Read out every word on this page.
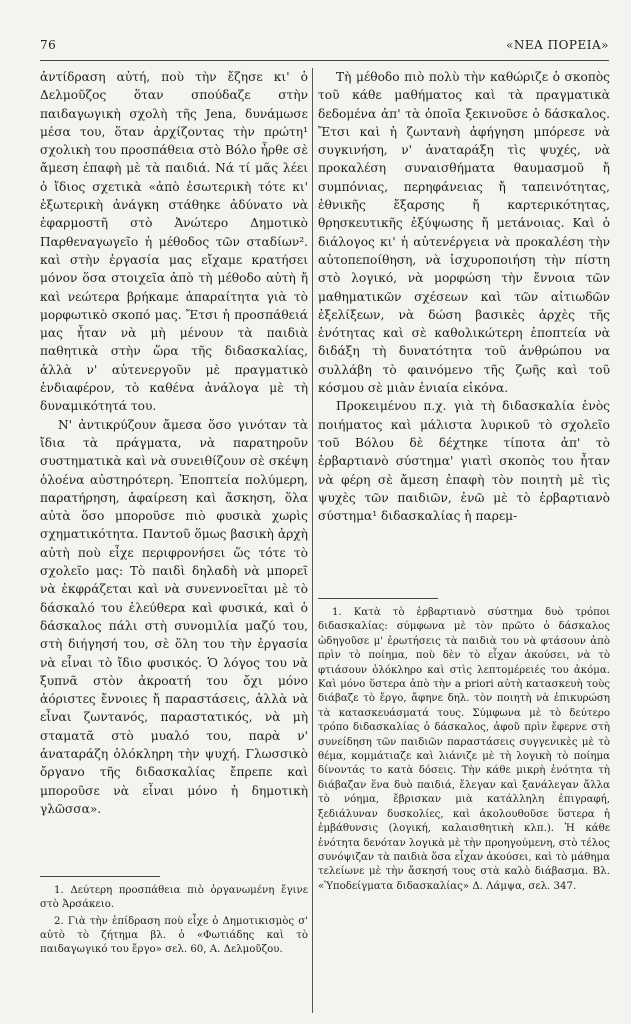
76	«ΝΕΑ ΠΟΡΕΙΑ»

ἀντίδραση αὐτή, ποὺ τὴν ἔζησε κι' ὁ Δελμοῦζος ὅταν σπούδαζε στὴν παιδαγωγικὴ σχολὴ τῆς Jena, δυνάμωσε μέσα του, ὅταν ἀρχίζοντας τὴν πρώτη¹ σχολικὴ του προσπάθεια στὸ Βόλο ἦρθε σὲ ἄμεση ἐπαφὴ μὲ τὰ παιδιά. Νά τί μᾶς λέει ὁ ἴδιος σχετικὰ «ἀπὸ ἐσωτερικὴ τότε κι' ἐξωτερικὴ ἀνάγκη στάθηκε ἀδύνατο νὰ ἐφαρμοστῆ στὸ Ἀνώτερο Δημοτικὸ Παρθεναγωγεῖο ἡ μέθοδος τῶν σταδίων². καὶ στὴν ἐργασία μας εἴχαμε κρατήσει μόνον ὅσα στοιχεῖα ἀπὸ τὴ μέθοδο αὐτὴ ἤ καὶ νεώτερα βρήκαμε ἀπαραίτητα γιὰ τὸ μορφωτικὸ σκοπό μας. Ἔτσι ἡ προσπάθειά μας ἦταν νὰ μὴ μένουν τὰ παιδιὰ παθητικὰ στὴν ὥρα τῆς διδασκαλίας, ἀλλὰ ν' αὐτενεργοῦν μὲ πραγματικὸ ἐνδιαφέρον, τὸ καθένα ἀνάλογα μὲ τὴ δυναμικότητά του.

Ν' ἀντικρύζουν ἄμεσα ὅσο γινόταν τὰ ἴδια τὰ πράγματα, νὰ παρατηροῦν συστηματικὰ καὶ νὰ συνειθίζουν σὲ σκέψη ὁλοένα αὐστηρότερη. Ἐποπτεία πολύμερη, παρατήρηση, ἀφαίρεση καὶ ἄσκηση, ὅλα αὐτὰ ὅσο μποροῦσε πιὸ φυσικὰ χωρὶς σχηματικότητα. Παντοῦ ὅμως βασικὴ ἀρχὴ αὐτὴ ποὺ εἶχε περιφρονήσει ὥς τότε τὸ σχολεῖο μας: Τὸ παιδὶ δηλαδὴ νὰ μπορεῖ νὰ ἐκφράζεται καὶ νὰ συνεννοεῖται μὲ τὸ δάσκαλό του ἐλεύθερα καὶ φυσικά, καὶ ὁ δάσκαλος πάλι στὴ συνομιλία μαζύ του, στὴ διήγησή του, σὲ ὅλη του τὴν ἐργασία νὰ εἶναι τὸ ἴδιο φυσικός. Ὁ λόγος του νὰ ξυπνᾶ στὸν ἀκροατή του ὄχι μόνο ἀόριστες ἔννοιες ἤ παραστάσεις, ἀλλὰ νὰ εἶναι ζωντανός, παραστατικός, νὰ μὴ σταματᾶ στὸ μυαλό του, παρὰ ν' ἀναταράζη ὁλόκληρη τὴν ψυχή. Γλωσσικὸ ὄργανο τῆς διδασκαλίας ἔπρεπε καὶ μποροῦσε νὰ εἶναι μόνο ἡ δημοτικὴ γλῶσσα».

Τὴ μέθοδο πιὸ πολὺ τὴν καθώριζε ὁ σκοπὸς τοῦ κάθε μαθήματος καὶ τὰ πραγματικὰ δεδομένα ἀπ' τὰ ὁποῖα ξεκινοῦσε ὁ δάσκαλος. Ἔτσι καὶ ἡ ζωντανὴ ἀφήγηση μπόρεσε νὰ συγκινήση, ν' ἀναταράξη τὶς ψυχές, νὰ προκαλέση συναισθήματα θαυμασμοῦ ἤ συμπόνιας, περηφάνειας ἤ ταπεινότητας, ἐθνικῆς ἔξαρσης ἤ καρτερικότητας, θρησκευτικῆς ἐξύψωσης ἤ μετάνοιας. Καὶ ὁ διάλογος κι' ἡ αὐτενέργεια νὰ προκαλέση τὴν αὐτοπεποίθηση, νὰ ἰσχυροποιήση τὴν πίστη στὸ λογικό, νὰ μορφώση τὴν ἔννοια τῶν μαθηματικῶν σχέσεων καὶ τῶν αἰτιωδῶν ἐξελίξεων, νὰ δώση βασικὲς ἀρχὲς τῆς ἑνότητας καὶ σὲ καθολικώτερη ἐποπτεία νὰ διδάξη τὴ δυνατότητα τοῦ ἀνθρώπου να συλλάβη τὸ φαινόμενο τῆς ζωῆς καὶ τοῦ κόσμου σὲ μιὰν ἑνιαία εἰκόνα.

Προκειμένου π.χ. γιὰ τὴ διδασκαλία ἑνὸς ποιήματος καὶ μάλιστα λυρικοῦ τὸ σχολεῖο τοῦ Βόλου δὲ δέχτηκε τίποτα ἀπ' τὸ ἑρβαρτιανὸ σύστημα' γιατὶ σκοπὸς του ἦταν νὰ φέρη σὲ ἄμεση ἐπαφὴ τὸν ποιητὴ μὲ τὶς ψυχὲς τῶν παιδιῶν, ἐνῶ μὲ τὸ ἑρβαρτιανὸ σύστημα¹ διδασκαλίας ἡ παρεμ-

1. Κατὰ τὸ ἑρβαρτιανὸ σύστημα δυὸ τρόποι διδασκαλίας: σύμφωνα μὲ τὸν πρῶτο ὁ δάσκαλος ὡδηγοῦσε μ' ἐρωτήσεις τὰ παιδιὰ του νὰ φτάσουν ἀπὸ πρὶν τὸ ποίημα, ποὺ δὲν τὸ εἶχαν ἀκούσει, νὰ τὸ φτιάσουν ὁλόκληρο καὶ στὶς λεπτομέρειές του ἀκόμα. Καὶ μόνο ὕστερα ἀπὸ τὴν a priori αὐτὴ κατασκευὴ τοὺς διάβαζε τὸ ἔργο, ἄφηνε δηλ. τὸν ποιητὴ νὰ ἐπικυρώση τὰ κατασκευάσματά τους. Σύμφωνα μὲ τὸ δεύτερο τρόπο διδασκαλίας ὁ δάσκαλος, ἀφοῦ πρὶν ἔφερνε στὴ συνείδηση τῶν παιδιῶν παραστάσεις συγγενικὲς μὲ τὸ θέμα, κομμάτιαζε καὶ λιάνιζε μὲ τὴ λογικὴ τὸ ποίημα δίνοντάς το κατὰ δόσεις. Τὴν κάθε μικρὴ ἑνότητα τὴ διάβαζαν ἕνα δυὸ παιδιά, ἔλεγαν καὶ ξανάλεγαν ἄλλα τὸ νόημα, ἔβρισκαν μιὰ κατάλληλη ἐπιγραφή, ξεδιάλυναν δυσκολίες, καὶ ἀκολουθοῦσε ὕστερα ἡ ἐμβάθυνσις (λογική, καλαισθητικὴ κλπ.). Ἡ κάθε ἑνότητα δενόταν λογικὰ μὲ τὴν προηγούμενη, στὸ τέλος συνόψιζαν τὰ παιδιὰ ὅσα εἶχαν ἀκούσει, καὶ τὸ μάθημα τελείωνε μὲ τὴν ἄσκησή τους στὰ καλὸ διάβασμα. Βλ. «Ὑποδείγματα διδασκαλίας» Δ. Λάμψα, σελ. 347.

1. Δεύτερη προσπάθεια πιὸ ὀργανωμένη ἔγινε στὸ Ἀρσάκειο.

2. Γιὰ τὴν ἐπίδραση ποὺ εἶχε ὁ Δημοτικισμὸς σ' αὐτὸ τὸ ζήτημα βλ. ὁ «Φωτιάδης καὶ τὸ παιδαγωγικό του ἔργο» σελ. 60, Α. Δελμοῦζου.
